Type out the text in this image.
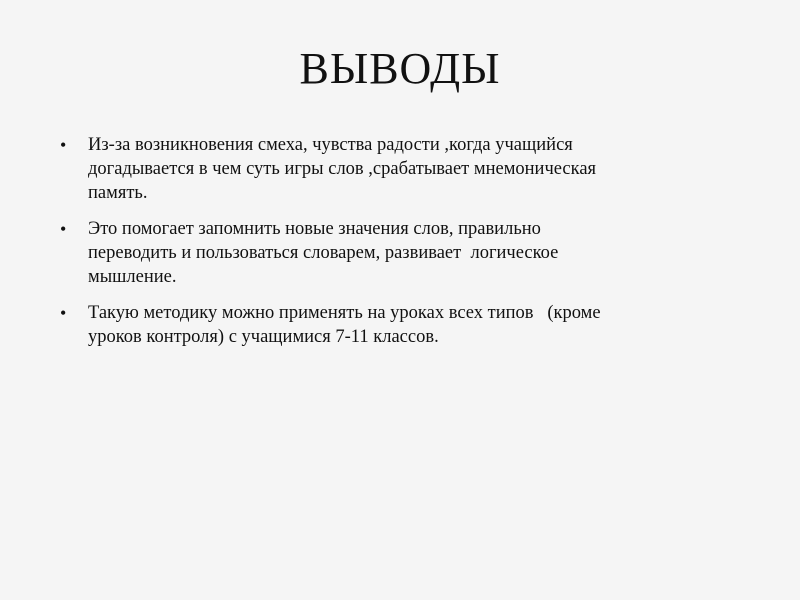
ВЫВОДЫ
• Из-за возникновения смеха, чувства радости ,когда учащийся
догадывается в чем суть игры слов ,срабатывает мнемоническая
память.
• Это помогает запомнить новые значения слов, правильно
переводить и пользоваться словарем, развивает  логическое
мышление.
• Такую методику можно применять на уроках всех типов   (кроме
уроков контроля) с учащимися 7-11 классов.
